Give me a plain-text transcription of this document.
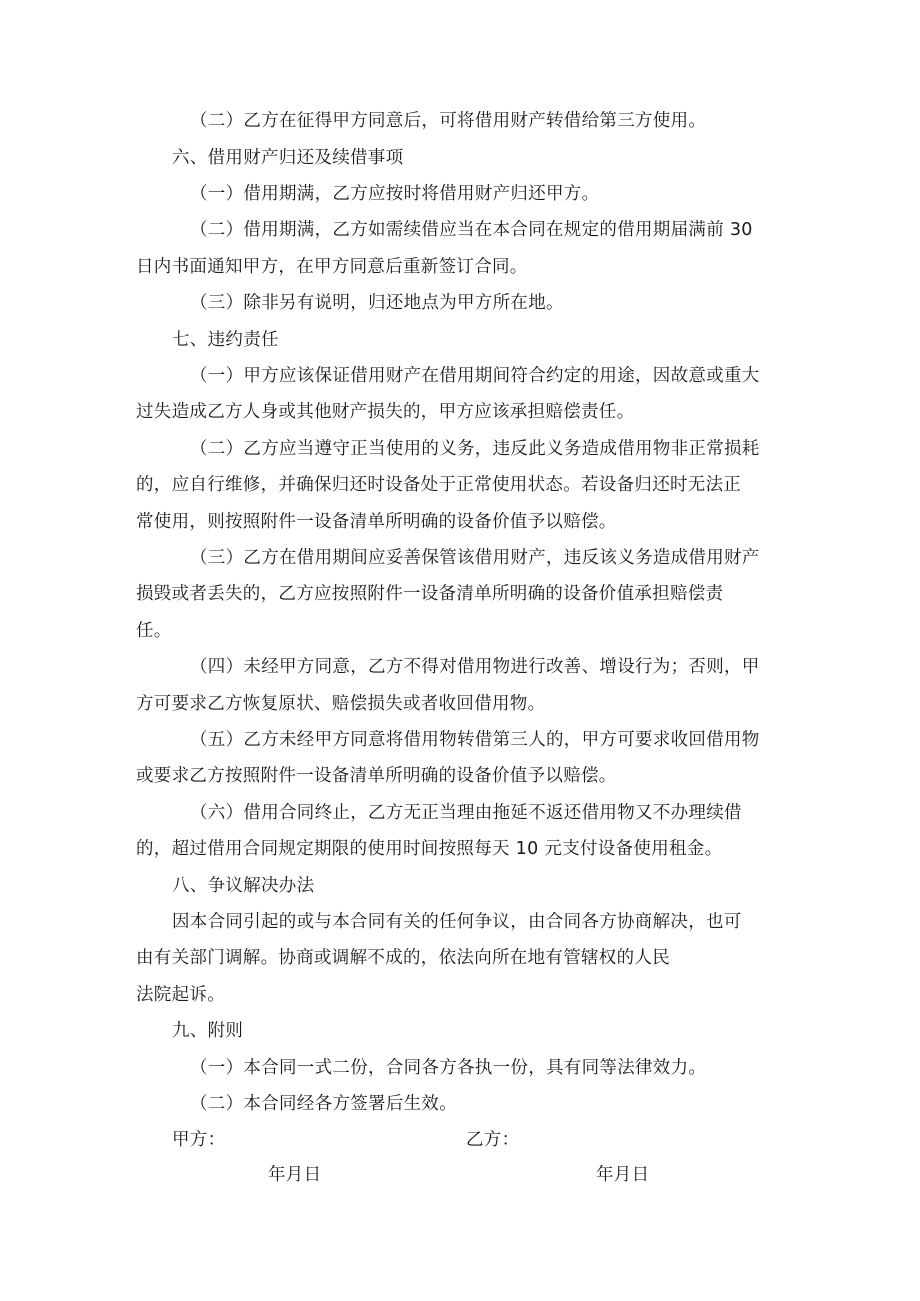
（二）乙方在征得甲方同意后，可将借用财产转借给第三方使用。
六、借用财产归还及续借事项
（一）借用期满，乙方应按时将借用财产归还甲方。
（二）借用期满，乙方如需续借应当在本合同在规定的借用期届满前 30
日内书面通知甲方，在甲方同意后重新签订合同。
（三）除非另有说明，归还地点为甲方所在地。
七、违约责任
（一）甲方应该保证借用财产在借用期间符合约定的用途，因故意或重大
过失造成乙方人身或其他财产损失的，甲方应该承担赔偿责任。
（二）乙方应当遵守正当使用的义务，违反此义务造成借用物非正常损耗
的，应自行维修，并确保归还时设备处于正常使用状态。若设备归还时无法正
常使用，则按照附件一设备清单所明确的设备价值予以赔偿。
（三）乙方在借用期间应妥善保管该借用财产，违反该义务造成借用财产
损毁或者丢失的，乙方应按照附件一设备清单所明确的设备价值承担赔偿责
任。
（四）未经甲方同意，乙方不得对借用物进行改善、增设行为；否则，甲
方可要求乙方恢复原状、赔偿损失或者收回借用物。
（五）乙方未经甲方同意将借用物转借第三人的，甲方可要求收回借用物
或要求乙方按照附件一设备清单所明确的设备价值予以赔偿。
（六）借用合同终止，乙方无正当理由拖延不返还借用物又不办理续借
的，超过借用合同规定期限的使用时间按照每天 10 元支付设备使用租金。
八、争议解决办法
因本合同引起的或与本合同有关的任何争议，由合同各方协商解决，也可
由有关部门调解。协商或调解不成的，依法向所在地有管辖权的人民
法院起诉。
九、附则
（一）本合同一式二份，合同各方各执一份，具有同等法律效力。
（二）本合同经各方签署后生效。
甲方：	乙方：
年月日	年月日
